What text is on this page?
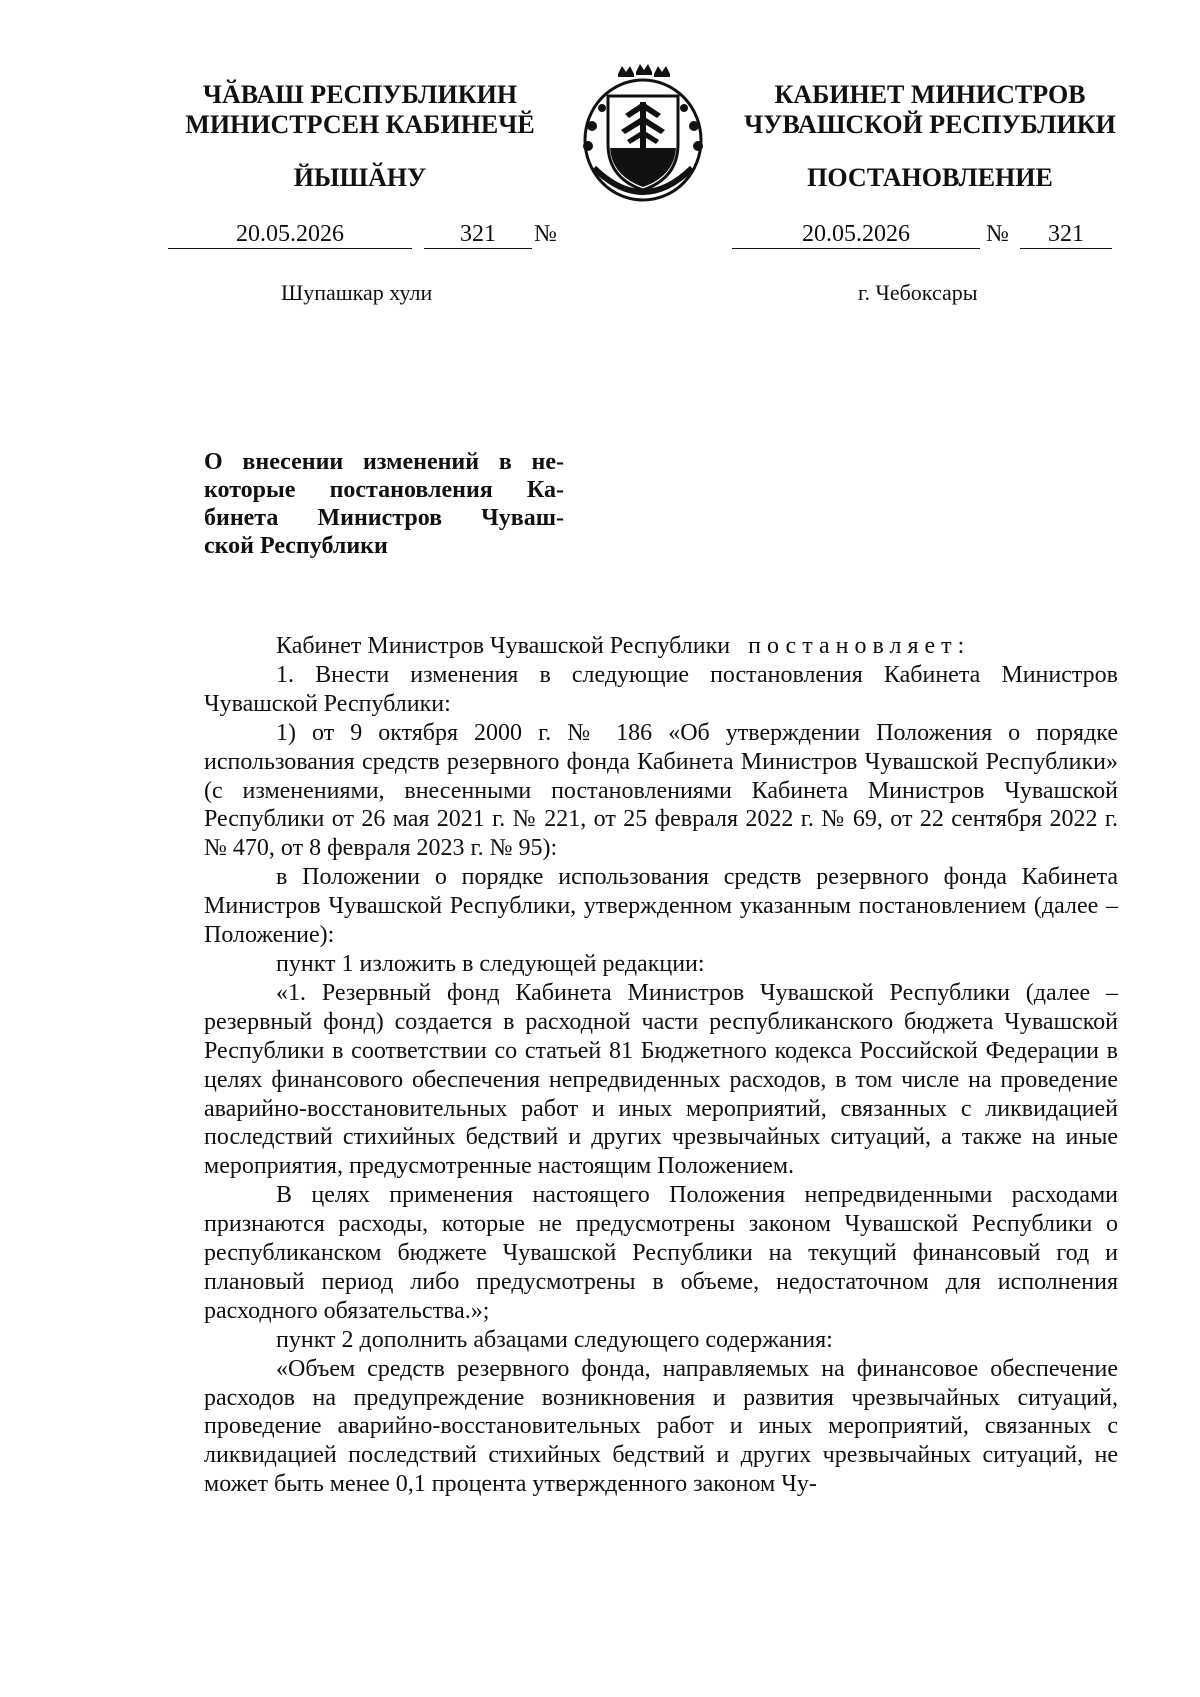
ЧӐВАШ РЕСПУБЛИКИН
МИНИСТРСЕН КАБИНЕЧӖ
ЙЫШӐНУ
КАБИНЕТ МИНИСТРОВ
ЧУВАШСКОЙ РЕСПУБЛИКИ
ПОСТАНОВЛЕНИЕ
20.05.2026	321	№	20.05.2026	№	321
Шупашкар хули	г. Чебоксары
О внесении изменений в не-
которые постановления Ка-
бинета Министров Чуваш-
ской Республики

Кабинет Министров Чувашской Республики постановляет:

1. Внести изменения в следующие постановления Кабинета Министров Чувашской Республики:

1) от 9 октября 2000 г. № 186 «Об утверждении Положения о порядке использования средств резервного фонда Кабинета Министров Чувашской Республики» (с изменениями, внесенными постановлениями Кабинета Министров Чувашской Республики от 26 мая 2021 г. № 221, от 25 февраля 2022 г. № 69, от 22 сентября 2022 г. № 470, от 8 февраля 2023 г. № 95):

в Положении о порядке использования средств резервного фонда Кабинета Министров Чувашской Республики, утвержденном указанным постановлением (далее – Положение):

пункт 1 изложить в следующей редакции:

«1. Резервный фонд Кабинета Министров Чувашской Республики (далее – резервный фонд) создается в расходной части республиканского бюджета Чувашской Республики в соответствии со статьей 81 Бюджетного кодекса Российской Федерации в целях финансового обеспечения непредвиденных расходов, в том числе на проведение аварийно-восстановительных работ и иных мероприятий, связанных с ликвидацией последствий стихийных бедствий и других чрезвычайных ситуаций, а также на иные мероприятия, предусмотренные настоящим Положением.

В целях применения настоящего Положения непредвиденными расходами признаются расходы, которые не предусмотрены законом Чувашской Республики о республиканском бюджете Чувашской Республики на текущий финансовый год и плановый период либо предусмотрены в объеме, недостаточном для исполнения расходного обязательства.»;

пункт 2 дополнить абзацами следующего содержания:

«Объем средств резервного фонда, направляемых на финансовое обеспечение расходов на предупреждение возникновения и развития чрезвычайных ситуаций, проведение аварийно-восстановительных работ и иных мероприятий, связанных с ликвидацией последствий стихийных бедствий и других чрезвычайных ситуаций, не может быть менее 0,1 процента утвержденного законом Чу-
